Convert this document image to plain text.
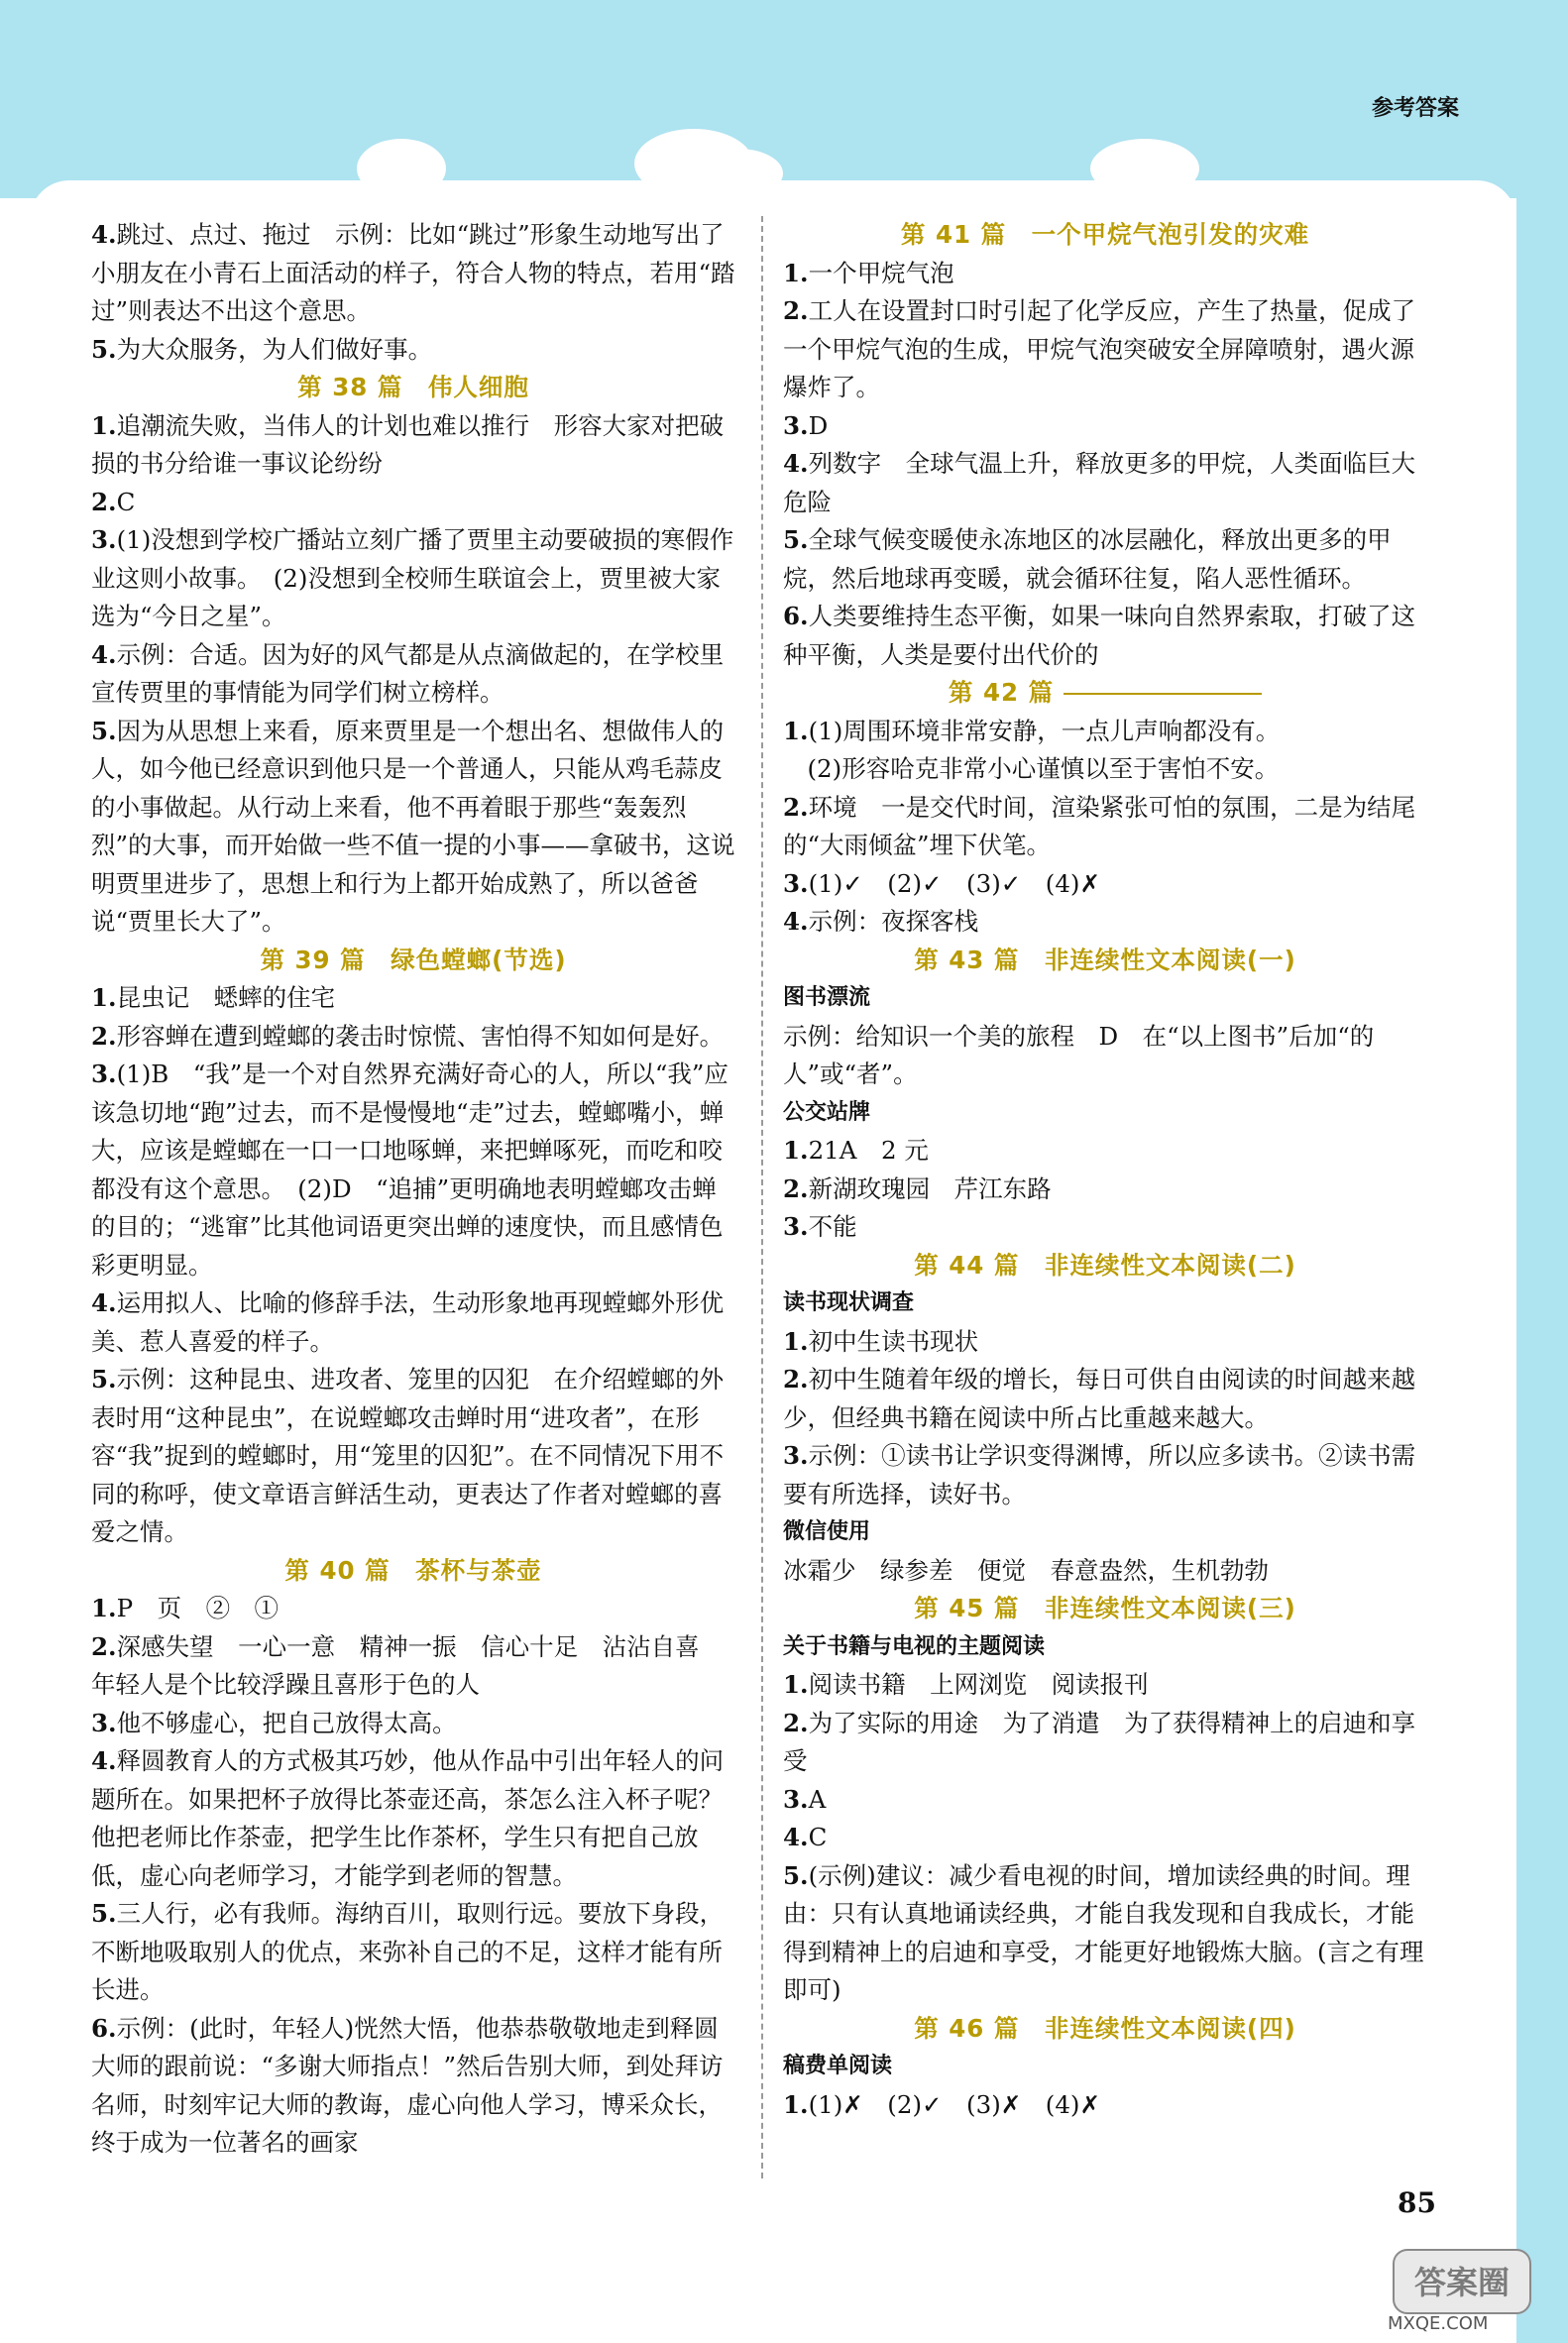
参考答案

4.跳过、点过、拖过　示例：比如“跳过”形象生动地写出了小朋友在小青石上面活动的样子，符合人物的特点，若用“踏过”则表达不出这个意思。

5.为大众服务，为人们做好事。

第 38 篇　伟人细胞

1.追潮流失败，当伟人的计划也难以推行　形容大家对把破损的书分给谁一事议论纷纷

2.C

3.(1)没想到学校广播站立刻广播了贾里主动要破损的寒假作业这则小故事。　(2)没想到全校师生联谊会上，贾里被大家选为“今日之星”。

4.示例：合适。因为好的风气都是从点滴做起的，在学校里宣传贾里的事情能为同学们树立榜样。

5.因为从思想上来看，原来贾里是一个想出名、想做伟人的人，如今他已经意识到他只是一个普通人，只能从鸡毛蒜皮的小事做起。从行动上来看，他不再着眼于那些“轰轰烈烈”的大事，而开始做一些不值一提的小事——拿破书，这说明贾里进步了，思想上和行为上都开始成熟了，所以爸爸说“贾里长大了”。

第 39 篇　绿色螳螂(节选)

1.昆虫记　蟋蟀的住宅

2.形容蝉在遭到螳螂的袭击时惊慌、害怕得不知如何是好。

3.(1)B　“我”是一个对自然界充满好奇心的人，所以“我”应该急切地“跑”过去，而不是慢慢地“走”过去，螳螂嘴小，蝉大，应该是螳螂在一口一口地啄蝉，来把蝉啄死，而吃和咬都没有这个意思。　(2)D　“追捕”更明确地表明螳螂攻击蝉的目的；“逃窜”比其他词语更突出蝉的速度快，而且感情色彩更明显。

4.运用拟人、比喻的修辞手法，生动形象地再现螳螂外形优美、惹人喜爱的样子。

5.示例：这种昆虫、进攻者、笼里的囚犯　在介绍螳螂的外表时用“这种昆虫”，在说螳螂攻击蝉时用“进攻者”，在形容“我”捉到的螳螂时，用“笼里的囚犯”。在不同情况下用不同的称呼，使文章语言鲜活生动，更表达了作者对螳螂的喜爱之情。

第 40 篇　茶杯与茶壶

1.P　页　②　①

2.深感失望　一心一意　精神一振　信心十足　沾沾自喜　年轻人是个比较浮躁且喜形于色的人

3.他不够虚心，把自己放得太高。

4.释圆教育人的方式极其巧妙，他从作品中引出年轻人的问题所在。如果把杯子放得比茶壶还高，茶怎么注入杯子呢？他把老师比作茶壶，把学生比作茶杯，学生只有把自己放低，虚心向老师学习，才能学到老师的智慧。

5.三人行，必有我师。海纳百川，取则行远。要放下身段，不断地吸取别人的优点，来弥补自己的不足，这样才能有所长进。

6.示例：(此时，年轻人)恍然大悟，他恭恭敬敬地走到释圆大师的跟前说：“多谢大师指点！”然后告别大师，到处拜访名师，时刻牢记大师的教诲，虚心向他人学习，博采众长，终于成为一位著名的画家

第 41 篇　一个甲烷气泡引发的灾难

1.一个甲烷气泡

2.工人在设置封口时引起了化学反应，产生了热量，促成了一个甲烷气泡的生成，甲烷气泡突破安全屏障喷射，遇火源爆炸了。

3.D

4.列数字　全球气温上升，释放更多的甲烷，人类面临巨大危险

5.全球气候变暖使永冻地区的冰层融化，释放出更多的甲烷，然后地球再变暖，就会循环往复，陷人恶性循环。

6.人类要维持生态平衡，如果一味向自然界索取，打破了这种平衡，人类是要付出代价的

第 42 篇

1.(1)周围环境非常安静，一点儿声响都没有。

　(2)形容哈克非常小心谨慎以至于害怕不安。

2.环境　一是交代时间，渲染紧张可怕的氛围，二是为结尾的“大雨倾盆”埋下伏笔。

3.(1)✓　(2)✓　(3)✓　(4)✗

4.示例：夜探客栈

第 43 篇　非连续性文本阅读(一)
图书漂流

示例：给知识一个美的旅程　D　在“以上图书”后加“的人”或“者”。

公交站牌

1.21A　2 元

2.新湖玫瑰园　芹江东路

3.不能

第 44 篇　非连续性文本阅读(二)
读书现状调查

1.初中生读书现状

2.初中生随着年级的增长，每日可供自由阅读的时间越来越少，但经典书籍在阅读中所占比重越来越大。

3.示例：①读书让学识变得渊博，所以应多读书。②读书需要有所选择，读好书。

微信使用

冰霜少　绿参差　便觉　春意盎然，生机勃勃

第 45 篇　非连续性文本阅读(三)
关于书籍与电视的主题阅读

1.阅读书籍　上网浏览　阅读报刊

2.为了实际的用途　为了消遣　为了获得精神上的启迪和享受

3.A

4.C

5.(示例)建议：减少看电视的时间，增加读经典的时间。理由：只有认真地诵读经典，才能自我发现和自我成长，才能得到精神上的启迪和享受，才能更好地锻炼大脑。(言之有理即可)

第 46 篇　非连续性文本阅读(四)
稿费单阅读

1.(1)✗　(2)✓　(3)✗　(4)✗

85
答案圈
MXQE.COM
